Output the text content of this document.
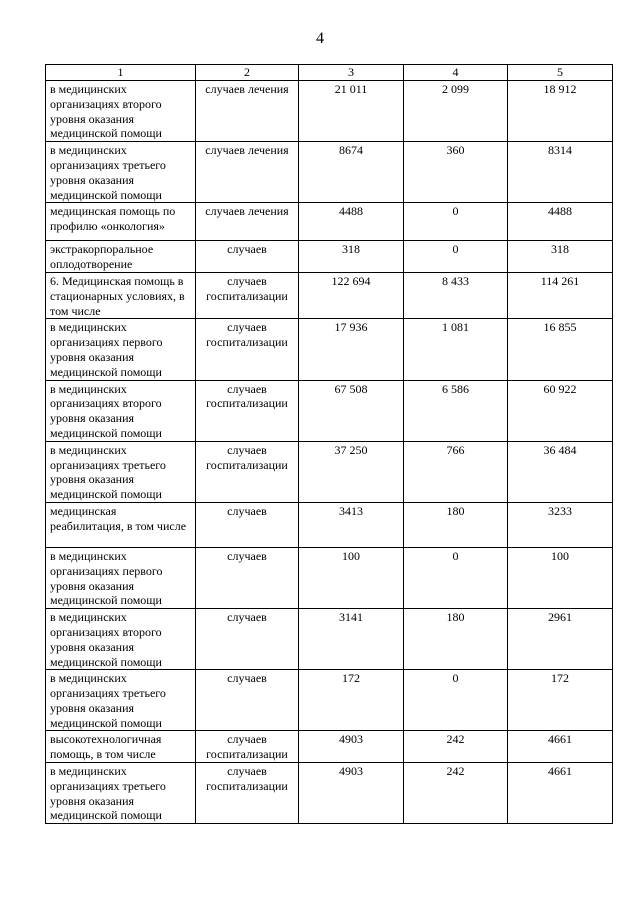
4
1	2	3	4	5
в медицинских организациях второго уровня оказания медицинской помощи	случаев лечения	21 011	2 099	18 912
в медицинских организациях третьего уровня оказания медицинской помощи	случаев лечения	8674	360	8314
медицинская помощь по профилю «онкология»	случаев лечения	4488	0	4488
экстракорпоральное оплодотворение	случаев	318	0	318
6. Медицинская помощь в стационарных условиях, в том числе	случаев госпитализации	122 694	8 433	114 261
в медицинских организациях первого уровня оказания медицинской помощи	случаев госпитализации	17 936	1 081	16 855
в медицинских организациях второго уровня оказания медицинской помощи	случаев госпитализации	67 508	6 586	60 922
в медицинских организациях третьего уровня оказания медицинской помощи	случаев госпитализации	37 250	766	36 484
медицинская реабилитация, в том числе	случаев	3413	180	3233
в медицинских организациях первого уровня оказания медицинской помощи	случаев	100	0	100
в медицинских организациях второго уровня оказания медицинской помощи	случаев	3141	180	2961
в медицинских организациях третьего уровня оказания медицинской помощи	случаев	172	0	172
высокотехнологичная помощь, в том числе	случаев госпитализации	4903	242	4661
в медицинских организациях третьего уровня оказания медицинской помощи	случаев госпитализации	4903	242	4661
